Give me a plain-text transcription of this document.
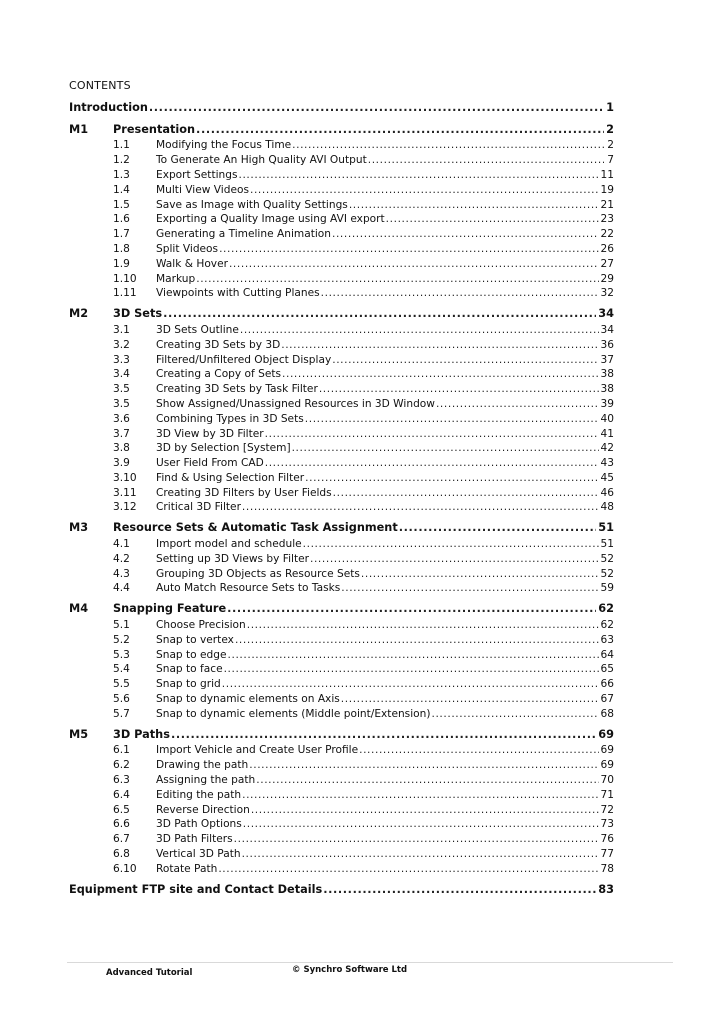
CONTENTS
Introduction .....	1
M1	Presentation .....	2
1.1	Modifying the Focus Time .....	2
1.2	To Generate An High Quality AVI Output .....	7
1.3	Export Settings .....	11
1.4	Multi View Videos .....	19
1.5	Save as Image with Quality Settings .....	21
1.6	Exporting a Quality Image using AVI export .....	23
1.7	Generating a Timeline Animation .....	22
1.8	Split Videos .....	26
1.9	Walk & Hover .....	27
1.10	Markup .....	29
1.11	Viewpoints with Cutting Planes .....	32
M2	3D Sets .....	34
3.1	3D Sets Outline .....	34
3.2	Creating 3D Sets by 3D .....	36
3.3	Filtered/Unfiltered Object Display .....	37
3.4	Creating a Copy of Sets .....	38
3.5	Creating 3D Sets by Task Filter .....	38
3.5	Show Assigned/Unassigned Resources in 3D Window .....	39
3.6	Combining Types in 3D Sets .....	40
3.7	3D View by 3D Filter .....	41
3.8	3D by Selection [System] .....	42
3.9	User Field From CAD .....	43
3.10	Find & Using Selection Filter .....	45
3.11	Creating 3D Filters by User Fields .....	46
3.12	Critical 3D Filter .....	48
M3	Resource Sets & Automatic Task Assignment .....	51
4.1	Import model and schedule .....	51
4.2	Setting up 3D Views by Filter .....	52
4.3	Grouping 3D Objects as Resource Sets .....	52
4.4	Auto Match Resource Sets to Tasks .....	59
M4	Snapping Feature .....	62
5.1	Choose Precision .....	62
5.2	Snap to vertex .....	63
5.3	Snap to edge .....	64
5.4	Snap to face .....	65
5.5	Snap to grid .....	66
5.6	Snap to dynamic elements on Axis .....	67
5.7	Snap to dynamic elements (Middle point/Extension) .....	68
M5	3D Paths .....	69
6.1	Import Vehicle and Create User Profile .....	69
6.2	Drawing the path .....	69
6.3	Assigning the path .....	70
6.4	Editing the path .....	71
6.5	Reverse Direction .....	72
6.6	3D Path Options .....	73
6.7	3D Path Filters .....	76
6.8	Vertical 3D Path .....	77
6.10	Rotate Path .....	78
Equipment FTP site and Contact Details .....	83
Advanced Tutorial	© Synchro Software Ltd
